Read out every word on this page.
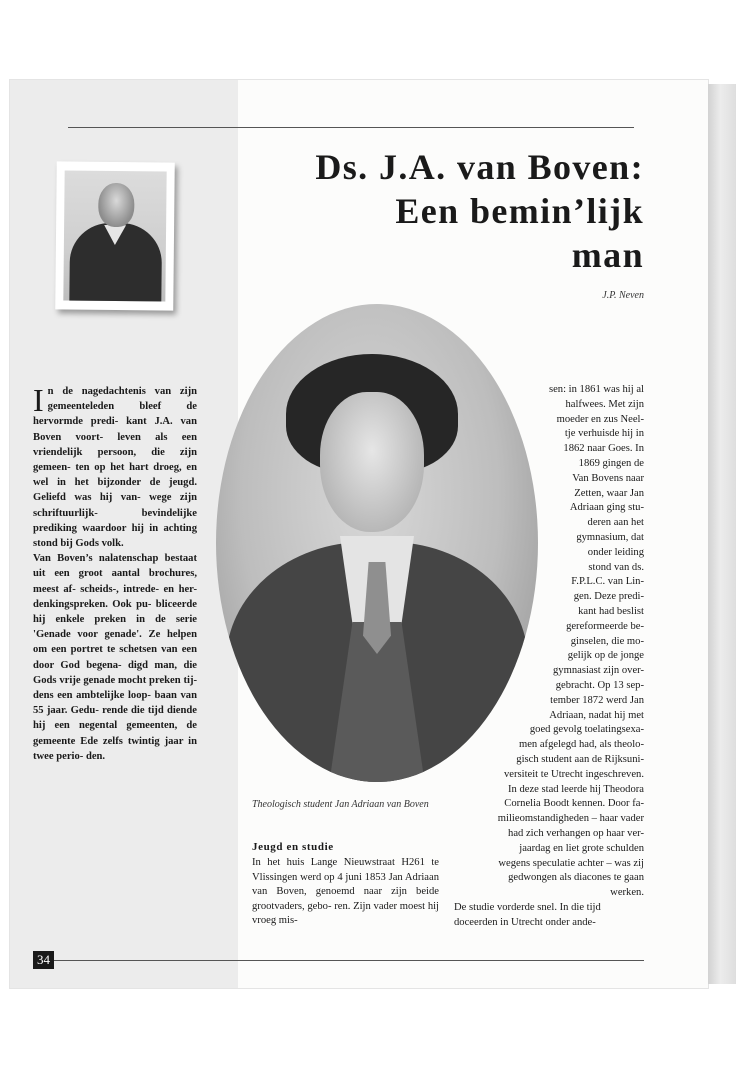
Ds. J.A. van Boven:
Een bemin’lijk
man
J.P. Neven

In de nagedachtenis van zijn gemeenteleden bleef de hervormde predi- kant J.A. van Boven voort- leven als een vriendelijk persoon, die zijn gemeen- ten op het hart droeg, en wel in het bijzonder de jeugd. Geliefd was hij van- wege zijn schriftuurlijk- bevindelijke prediking waardoor hij in achting stond bij Gods volk.

Van Boven’s nalatenschap bestaat uit een groot aantal brochures, meest af- scheids-, intrede- en her- denkingspreken. Ook pu- bliceerde hij enkele preken in de serie 'Genade voor genade'. Ze helpen om een portret te schetsen van een door God begena- digd man, die Gods vrije genade mocht preken tij- dens een ambtelijke loop- baan van 55 jaar. Gedu- rende die tijd diende hij een negental gemeenten, de gemeente Ede zelfs twintig jaar in twee perio- den.

Theologisch student Jan Adriaan van Boven

Jeugd en studie

In het huis Lange Nieuwstraat H261 te Vlissingen werd op 4 juni 1853 Jan Adriaan van Boven, genoemd naar zijn beide grootvaders, gebo- ren. Zijn vader moest hij vroeg mis-

sen: in 1861 was hij al
halfwees. Met zijn
moeder en zus Neel-
tje verhuisde hij in
1862 naar Goes. In
1869 gingen de
Van Bovens naar
Zetten, waar Jan
Adriaan ging stu-
deren aan het
gymnasium, dat
onder leiding
stond van ds.
F.P.L.C. van Lin-
gen. Deze predi-
kant had beslist
gereformeerde be-
ginselen, die mo-
gelijk op de jonge
gymnasiast zijn over-
gebracht. Op 13 sep-
tember 1872 werd Jan
Adriaan, nadat hij met
goed gevolg toelatingsexa-
men afgelegd had, als theolo-
gisch student aan de Rijksuni-
versiteit te Utrecht ingeschreven.
In deze stad leerde hij Theodora
Cornelia Boodt kennen. Door fa-
milieomstandigheden – haar vader
had zich verhangen op haar ver-
jaardag en liet grote schulden
wegens speculatie achter – was zij
gedwongen als diacones te gaan
werken.
De studie vorderde snel. In die tijd
doceerden in Utrecht onder ande-
34
